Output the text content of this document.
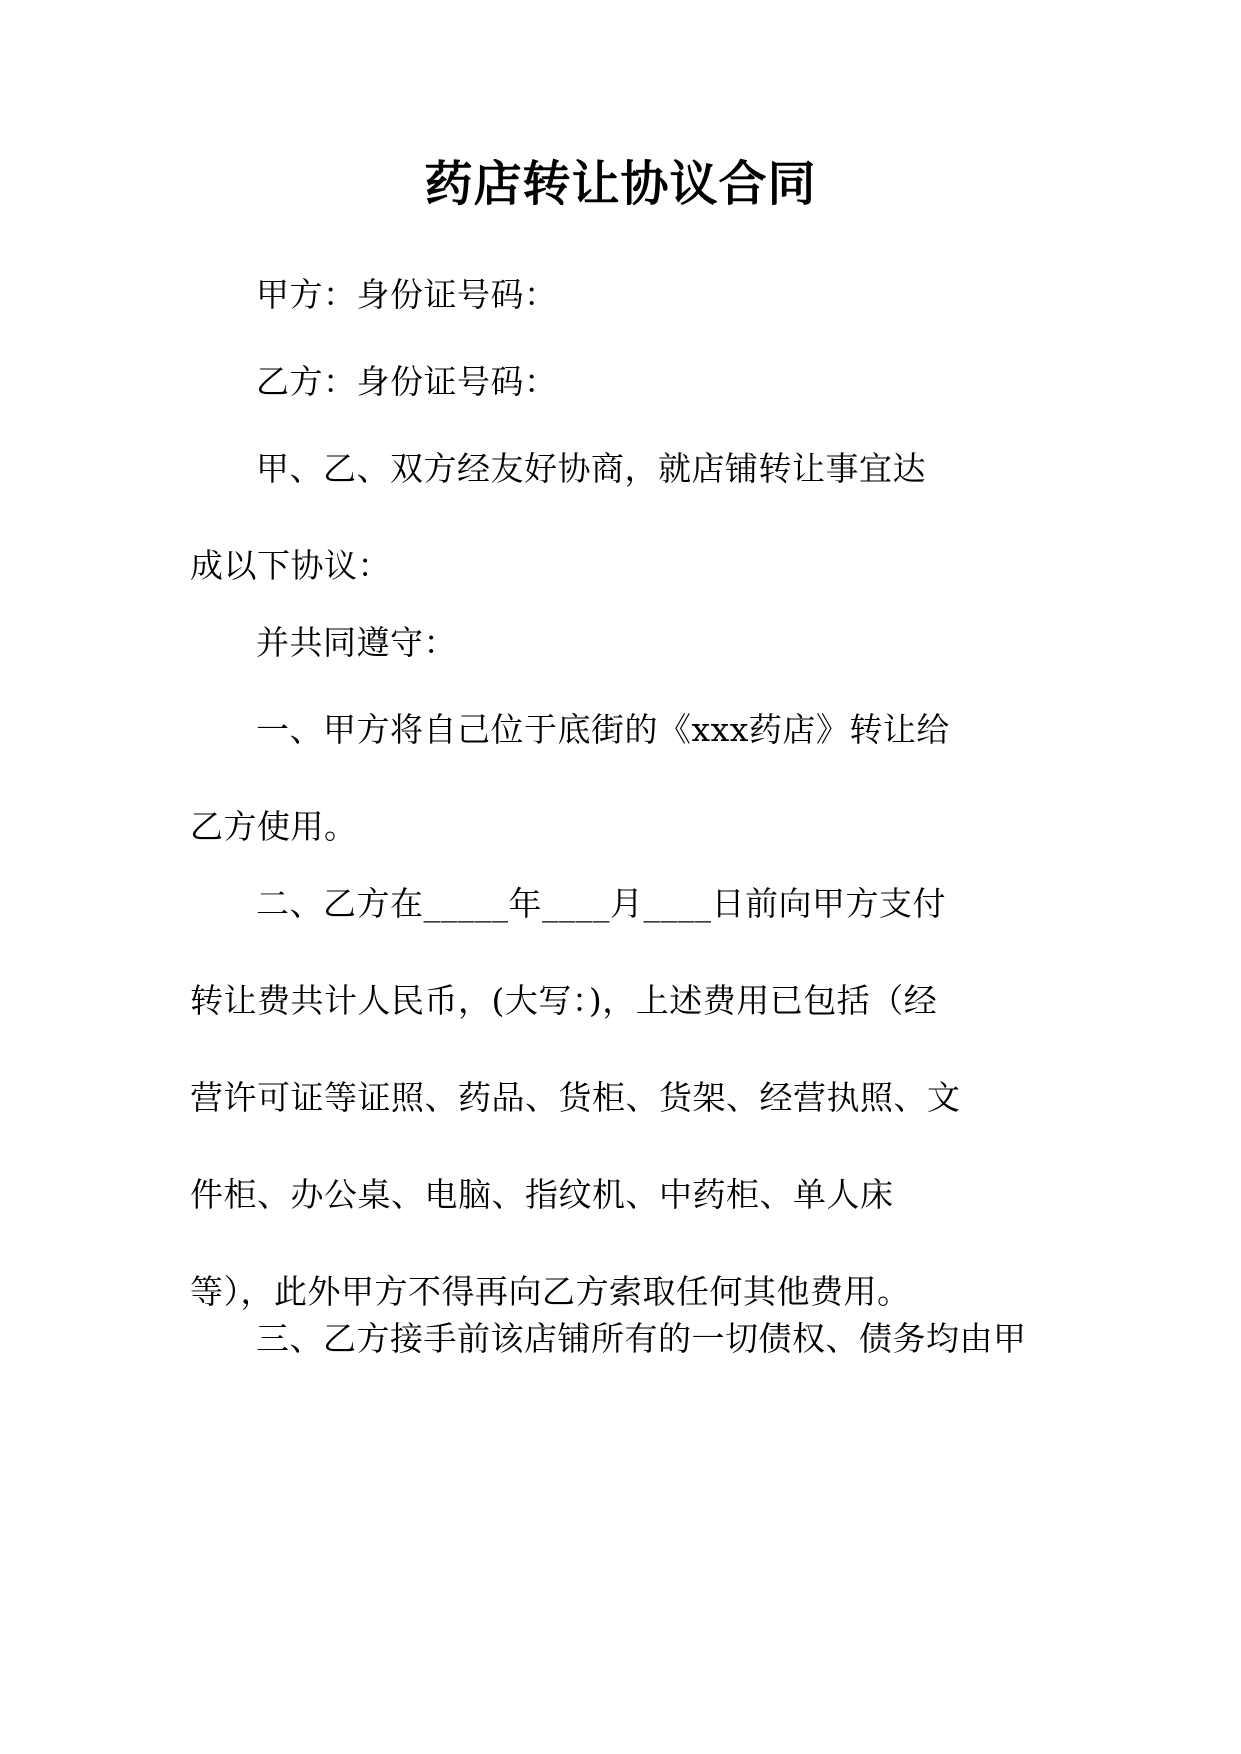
药店转让协议合同

甲方：身份证号码：

乙方：身份证号码：

甲、乙、双方经友好协商，就店铺转让事宜达成以下协议：

并共同遵守：

一、甲方将自己位于底街的《xxx药店》转让给乙方使用。

二、乙方在_____年____月____日前向甲方支付转让费共计人民币，(大写：)，上述费用已包括（经营许可证等证照、药品、货柜、货架、经营执照、文件柜、办公桌、电脑、指纹机、中药柜、单人床等），此外甲方不得再向乙方索取任何其他费用。

三、乙方接手前该店铺所有的一切债权、债务均由甲
